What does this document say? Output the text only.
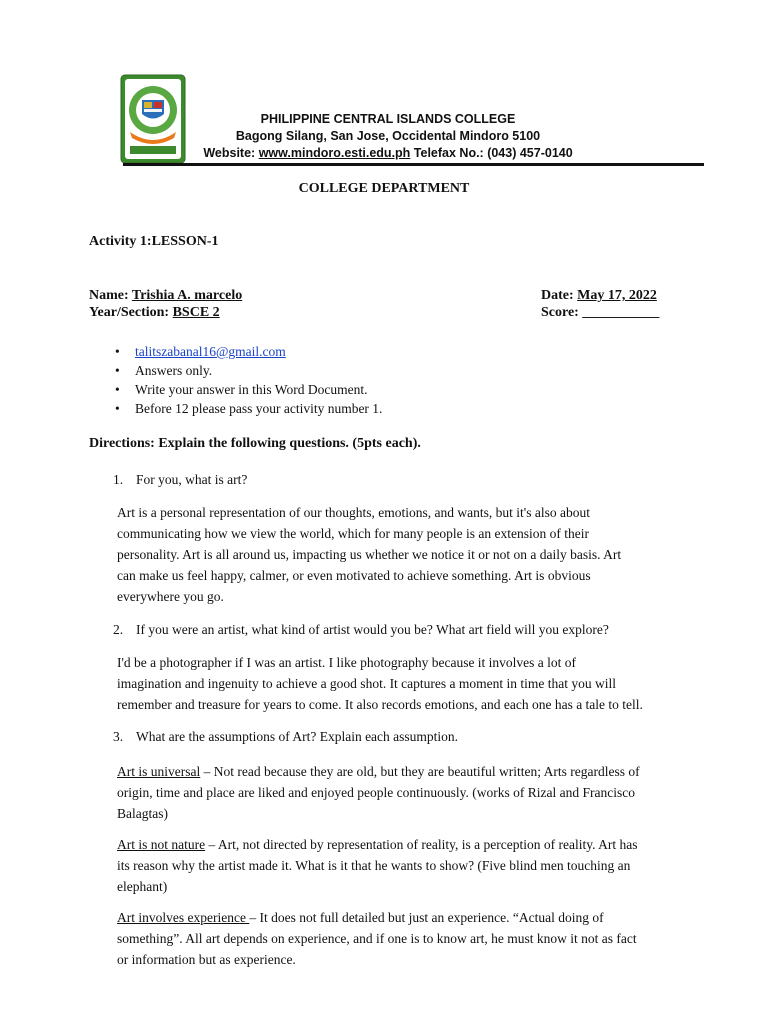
PHILIPPINE CENTRAL ISLANDS COLLEGE
Bagong Silang, San Jose, Occidental Mindoro 5100
Website: www.mindoro.esti.edu.ph Telefax No.: (043) 457-0140
COLLEGE DEPARTMENT
Activity 1:LESSON-1
Name: Trishia A. marcelo
Year/Section: BSCE 2
Date: May 17, 2022
Score: ___________
• talitszabanal16@gmail.com
• Answers only.
• Write your answer in this Word Document.
• Before 12 please pass your activity number 1.
Directions: Explain the following questions. (5pts each).
1. For you, what is art?
Art is a personal representation of our thoughts, emotions, and wants, but it's also about
communicating how we view the world, which for many people is an extension of their
personality. Art is all around us, impacting us whether we notice it or not on a daily basis. Art
can make us feel happy, calmer, or even motivated to achieve something. Art is obvious
everywhere you go.
2. If you were an artist, what kind of artist would you be? What art field will you explore?
I'd be a photographer if I was an artist. I like photography because it involves a lot of
imagination and ingenuity to achieve a good shot. It captures a moment in time that you will
remember and treasure for years to come. It also records emotions, and each one has a tale to tell.
3. What are the assumptions of Art? Explain each assumption.
Art is universal – Not read because they are old, but they are beautiful written; Arts regardless of
origin, time and place are liked and enjoyed people continuously. (works of Rizal and Francisco
Balagtas)
Art is not nature – Art, not directed by representation of reality, is a perception of reality. Art has
its reason why the artist made it. What is it that he wants to show? (Five blind men touching an
elephant)
Art involves experience – It does not full detailed but just an experience. “Actual doing of
something”. All art depends on experience, and if one is to know art, he must know it not as fact
or information but as experience.
